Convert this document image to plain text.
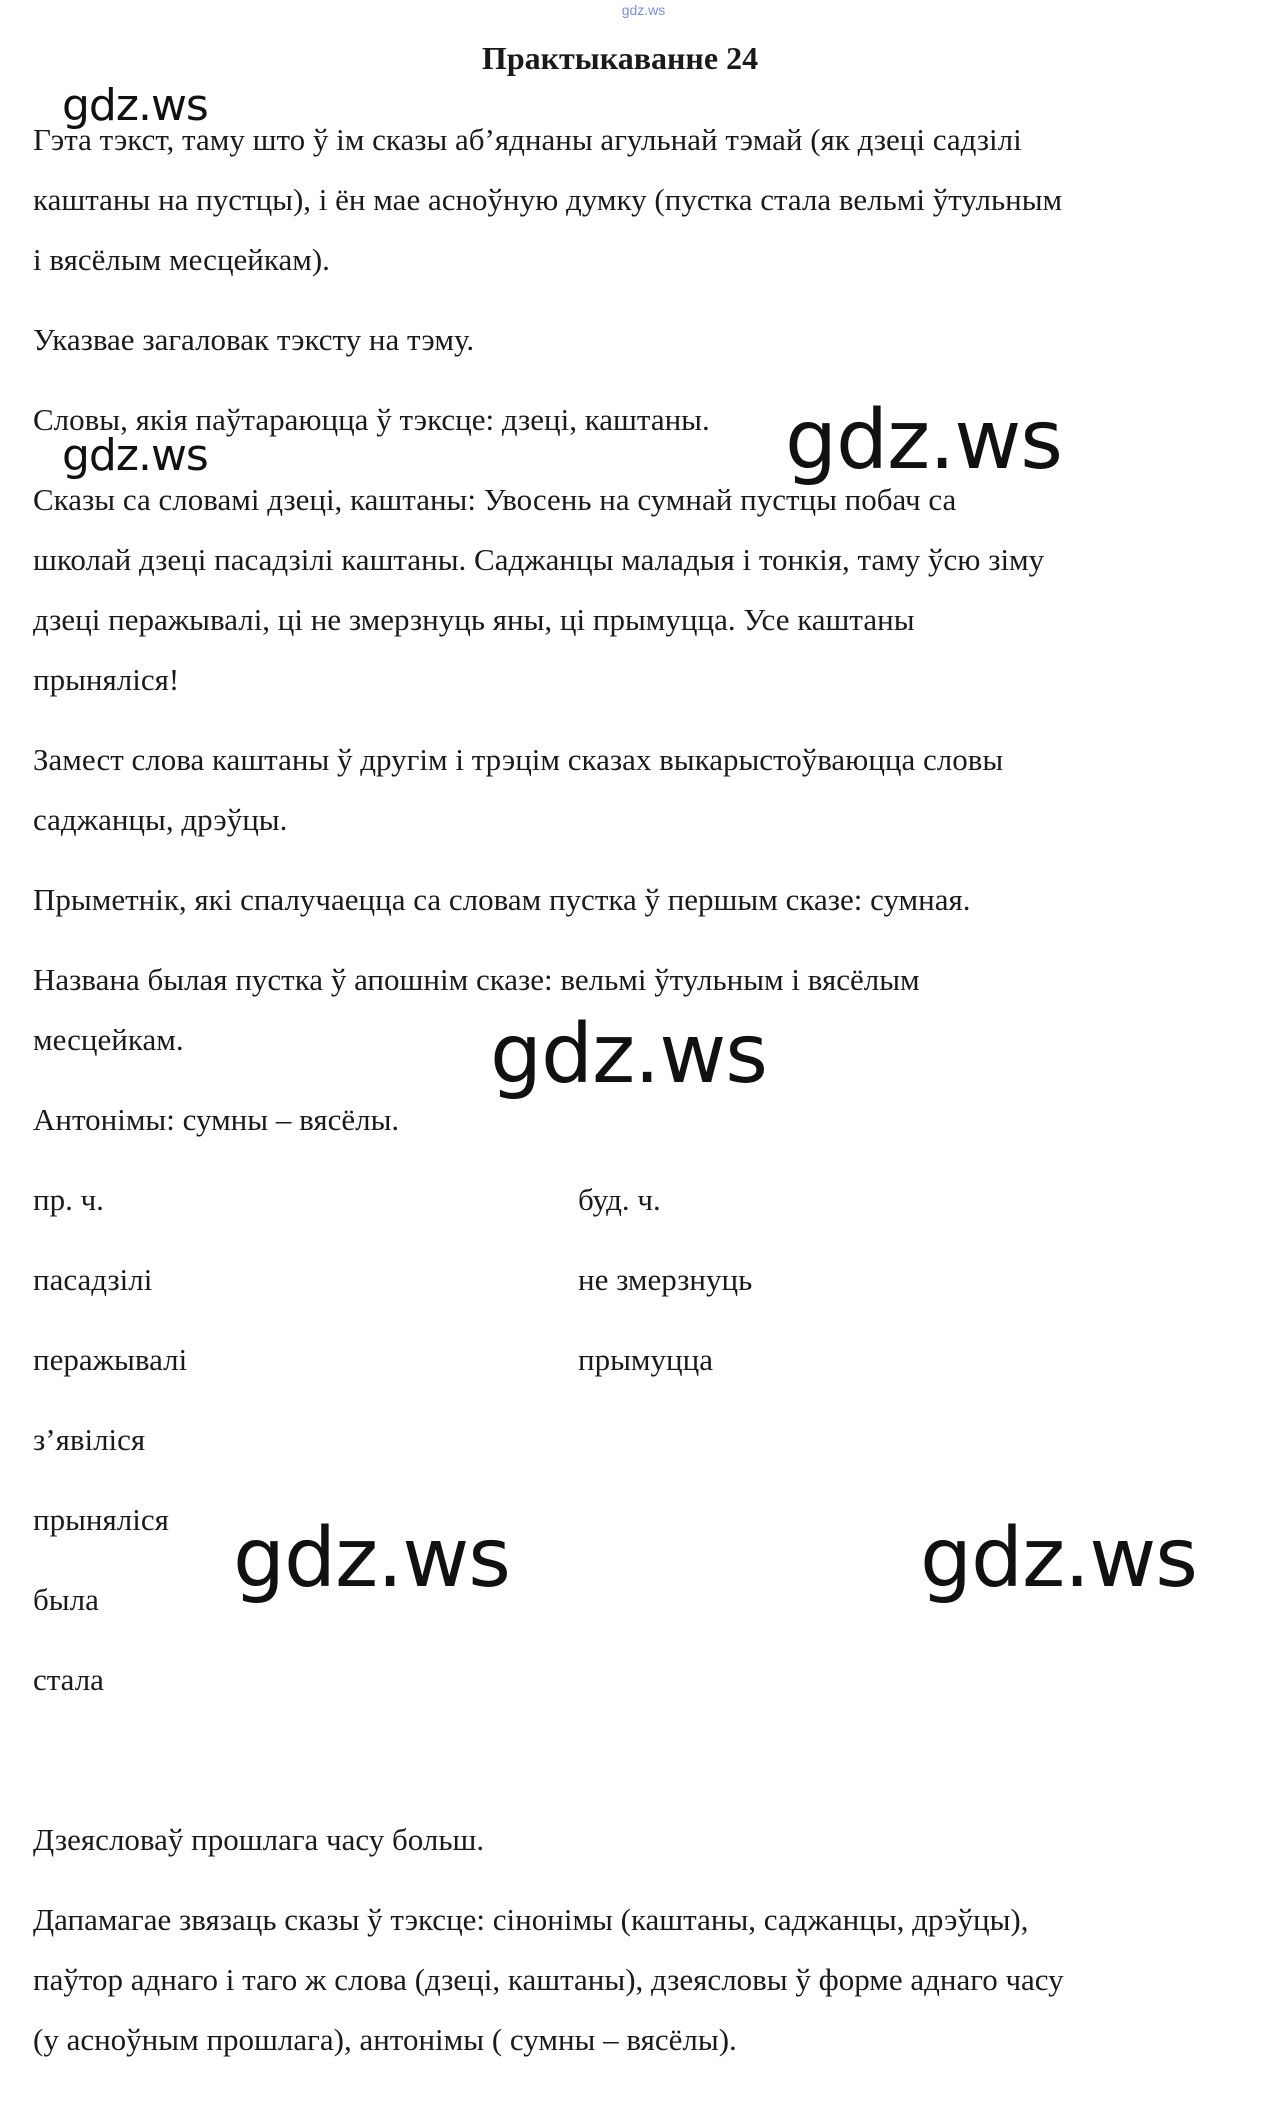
gdz.ws
Практыкаванне 24

Гэта тэкст, таму што ў ім сказы аб’яднаны агульнай тэмай (як дзеці садзілі

каштаны на пустцы), і ён мае асноўную думку (пустка стала вельмі ўтульным

і вясёлым месцейкам).

Указвае загаловак тэксту на тэму.

Словы, якія паўтараюцца ў тэксце: дзеці, каштаны.

Сказы са словамі дзеці, каштаны: Увосень на сумнай пустцы побач са

школай дзеці пасадзілі каштаны. Саджанцы маладыя і тонкія, таму ўсю зіму

дзеці перажывалі, ці не змерзнуць яны, ці прымуцца. Усе каштаны

прыняліся!

Замест слова каштаны ў другім і трэцім сказах выкарыстоўваюцца словы

саджанцы, дрэўцы.

Прыметнік, які спалучаецца са словам пустка ў першым сказе: сумная.

Названа былая пустка ў апошнім сказе: вельмі ўтульным і вясёлым

месцейкам.

Антонімы: сумны – вясёлы.

пр. ч.	буд. ч.

пасадзілі	не змерзнуць

перажывалі	прымуцца

з’явіліся

прыняліся

была

стала

Дзеясловаў прошлага часу больш.

Дапамагае звязаць сказы ў тэксце: сінонімы (каштаны, саджанцы, дрэўцы),

паўтор аднаго і таго ж слова (дзеці, каштаны), дзеясловы ў форме аднаго часу

(у асноўным прошлага), антонімы ( сумны – вясёлы).

gdz.ws
gdz.ws	gdz.ws
gdz.ws
gdz.ws	gdz.ws
